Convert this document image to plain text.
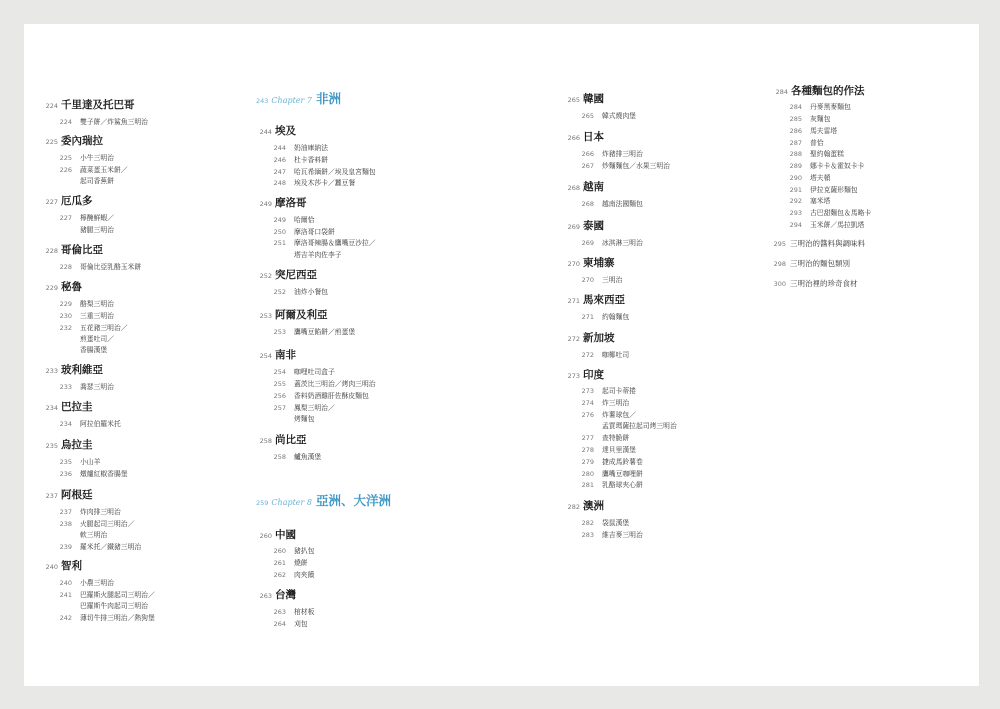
224 千里達及托巴哥
224 雙子餅／炸鯊魚三明治
225 委內瑞拉
225 小牛三明治
226 蔬菜蛋玉米餅／
起司香蕉餅
227 厄瓜多
227 檸醃鮮蝦／
豬腿三明治
228 哥倫比亞
228 哥倫比亞乳酪玉米餅
229 秘魯
229 酪梨三明治
230 三重三明治
232 五花豬三明治／
煎蛋吐司／
香腸漢堡
233 玻利維亞
233 喬瑟三明治
234 巴拉圭
234 阿拉伯羅米托
235 烏拉圭
235 小山羊
236 燉爐紅椒香腸堡
237 阿根廷
237 炸肉排三明治
238 火腿起司三明治／
軟三明治
239 羅米托／鐵豬三明治
240 智利
240 小農三明治
241 巴羅斯火腿起司三明治／
巴羅斯牛肉起司三明治
242 薄切牛排三明治／熱狗堡
243 Chapter 7 非洲
244 埃及
244 奶油庫納法
246 杜卡香料餅
247 哈瓦希緬餅／埃及皇宮麵包
248 埃及木莎卡／蠶豆餐
249 摩洛哥
249 哈爾恰
250 摩洛哥口袋餅
251 摩洛哥辣腸＆鷹嘴豆沙拉／
塔吉羊肉佐李子
252 突尼西亞
252 油炸小餐包
253 阿爾及利亞
253 鷹嘴豆餡餅／煎蛋堡
254 南非
254 咖哩吐司盒子
255 蓋茨比三明治／烤肉三明治
256 香料奶酒雞肝佐酥皮麵包
257 鳳梨三明治／
烤麵包
258 尚比亞
258 鱸魚漢堡
259 Chapter 8 亞洲、大洋洲
260 中國
260 豬扒包
261 燒餅
262 肉夾饃
263 台灣
263 棺材板
264 刈包
265 韓國
265 韓式燒肉堡
266 日本
266 炸豬排三明治
267 炒麵麵包／水果三明治
268 越南
268 越南法國麵包
269 泰國
269 冰淇淋三明治
270 柬埔寨
270 三明治
271 馬來西亞
271 約翰麵包
272 新加坡
272 咖椰吐司
273 印度
273 起司卡蒂捲
274 炸三明治
276 炸薯球包／
孟買瑪薩拉起司烤三明治
277 查特脆餅
278 達貝里漢堡
279 捷成馬鈴薯卷
280 鷹嘴豆咖哩餅
281 乳酪球夾心餅
282 澳洲
282 袋鼠漢堡
283 維吉麥三明治
284 各種麵包的作法
284 丹麥黑麥麵包
285 灰麵包
286 馬夫雷塔
287 普恰
288 聖約翰蛋糕
289 娜卡卡＆霍奴卡卡
290 塔夫頓
291 伊拉克薩形麵包
292 塞米塔
293 古巴甜麵包＆馬略卡
294 玉米餅／馬拉凱塔
295 三明治的醬料與調味料
298 三明治的麵包類別
300 三明治裡的珍奇食材
